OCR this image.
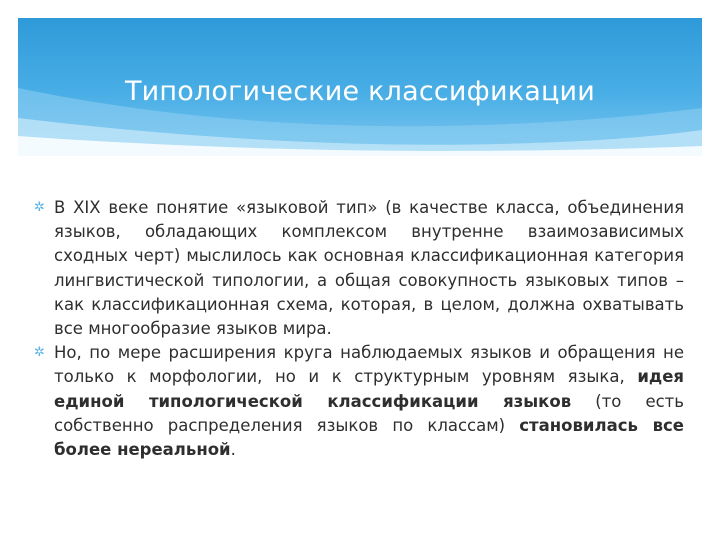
Типологические классификации
✲ В XIX веке понятие «языковой тип» (в качестве класса, объединения языков, обладающих комплексом внутренне взаимозависимых сходных черт) мыслилось как основная классификационная категория лингвистической типологии, а общая совокупность языковых типов – как классификационная схема, которая, в целом, должна охватывать все многообразие языков мира.
✲ Но, по мере расширения круга наблюдаемых языков и обращения не только к морфологии, но и к структурным уровням языка, идея единой типологической классификации языков (то есть собственно распределения языков по классам) становилась все более нереальной.
